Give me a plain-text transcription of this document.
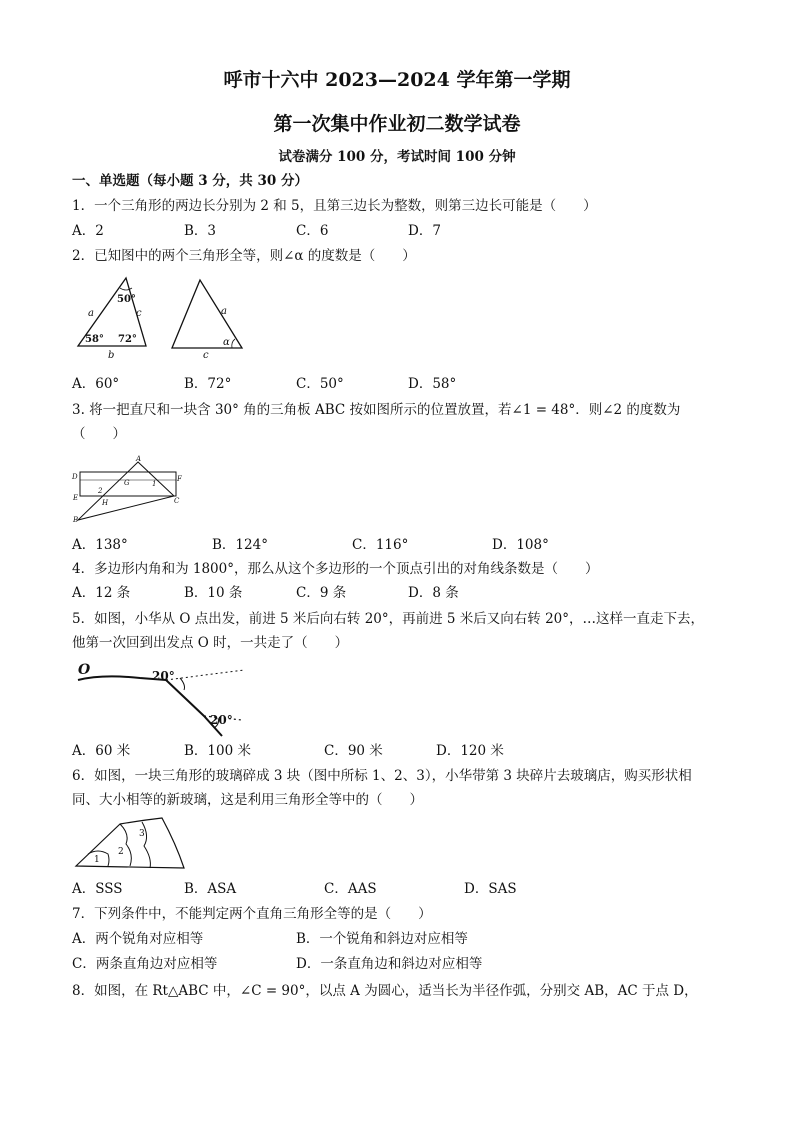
呼市十六中 2023—2024 学年第一学期
第一次集中作业初二数学试卷
试卷满分 100 分，考试时间 100 分钟
一、单选题（每小题 3 分，共 30 分）
1．一个三角形的两边长分别为 2 和 5，且第三边长为整数，则第三边长可能是（　　）
A．2	B．3	C．6	D．7
2．已知图中的两个三角形全等，则∠α 的度数是（　　）
50°
a	c
58° 72°
b
a
c
α
A．60°	B．72°	C．50°	D．58°
3. 将一把直尺和一块含 30° 角的三角板 ABC 按如图所示的位置放置，若∠1 = 48°．则∠2 的度数为
（　　）
A
D	F
E
B
C
G
H
1
2
A．138°	B．124°	C．116°	D．108°
4．多边形内角和为 1800°，那么从这个多边形的一个顶点引出的对角线条数是（　　）
A．12 条	B．10 条	C．9 条	D．8 条
5．如图，小华从 O 点出发，前进 5 米后向右转 20°，再前进 5 米后又向右转 20°，…这样一直走下去，
他第一次回到出发点 O 时，一共走了（　　）
O	20°
20°
A．60 米	B．100 米	C．90 米	D．120 米
6．如图，一块三角形的玻璃碎成 3 块（图中所标 1、2、3），小华带第 3 块碎片去玻璃店，购买形状相
同、大小相等的新玻璃，这是利用三角形全等中的（　　）
1
2
3
A．SSS	B．ASA	C．AAS	D．SAS
7．下列条件中，不能判定两个直角三角形全等的是（　　）
A．两个锐角对应相等	B．一个锐角和斜边对应相等
C．两条直角边对应相等	D．一条直角边和斜边对应相等
8．如图，在 Rt△ABC 中，∠C = 90°，以点 A 为圆心，适当长为半径作弧，分别交 AB，AC 于点 D，
